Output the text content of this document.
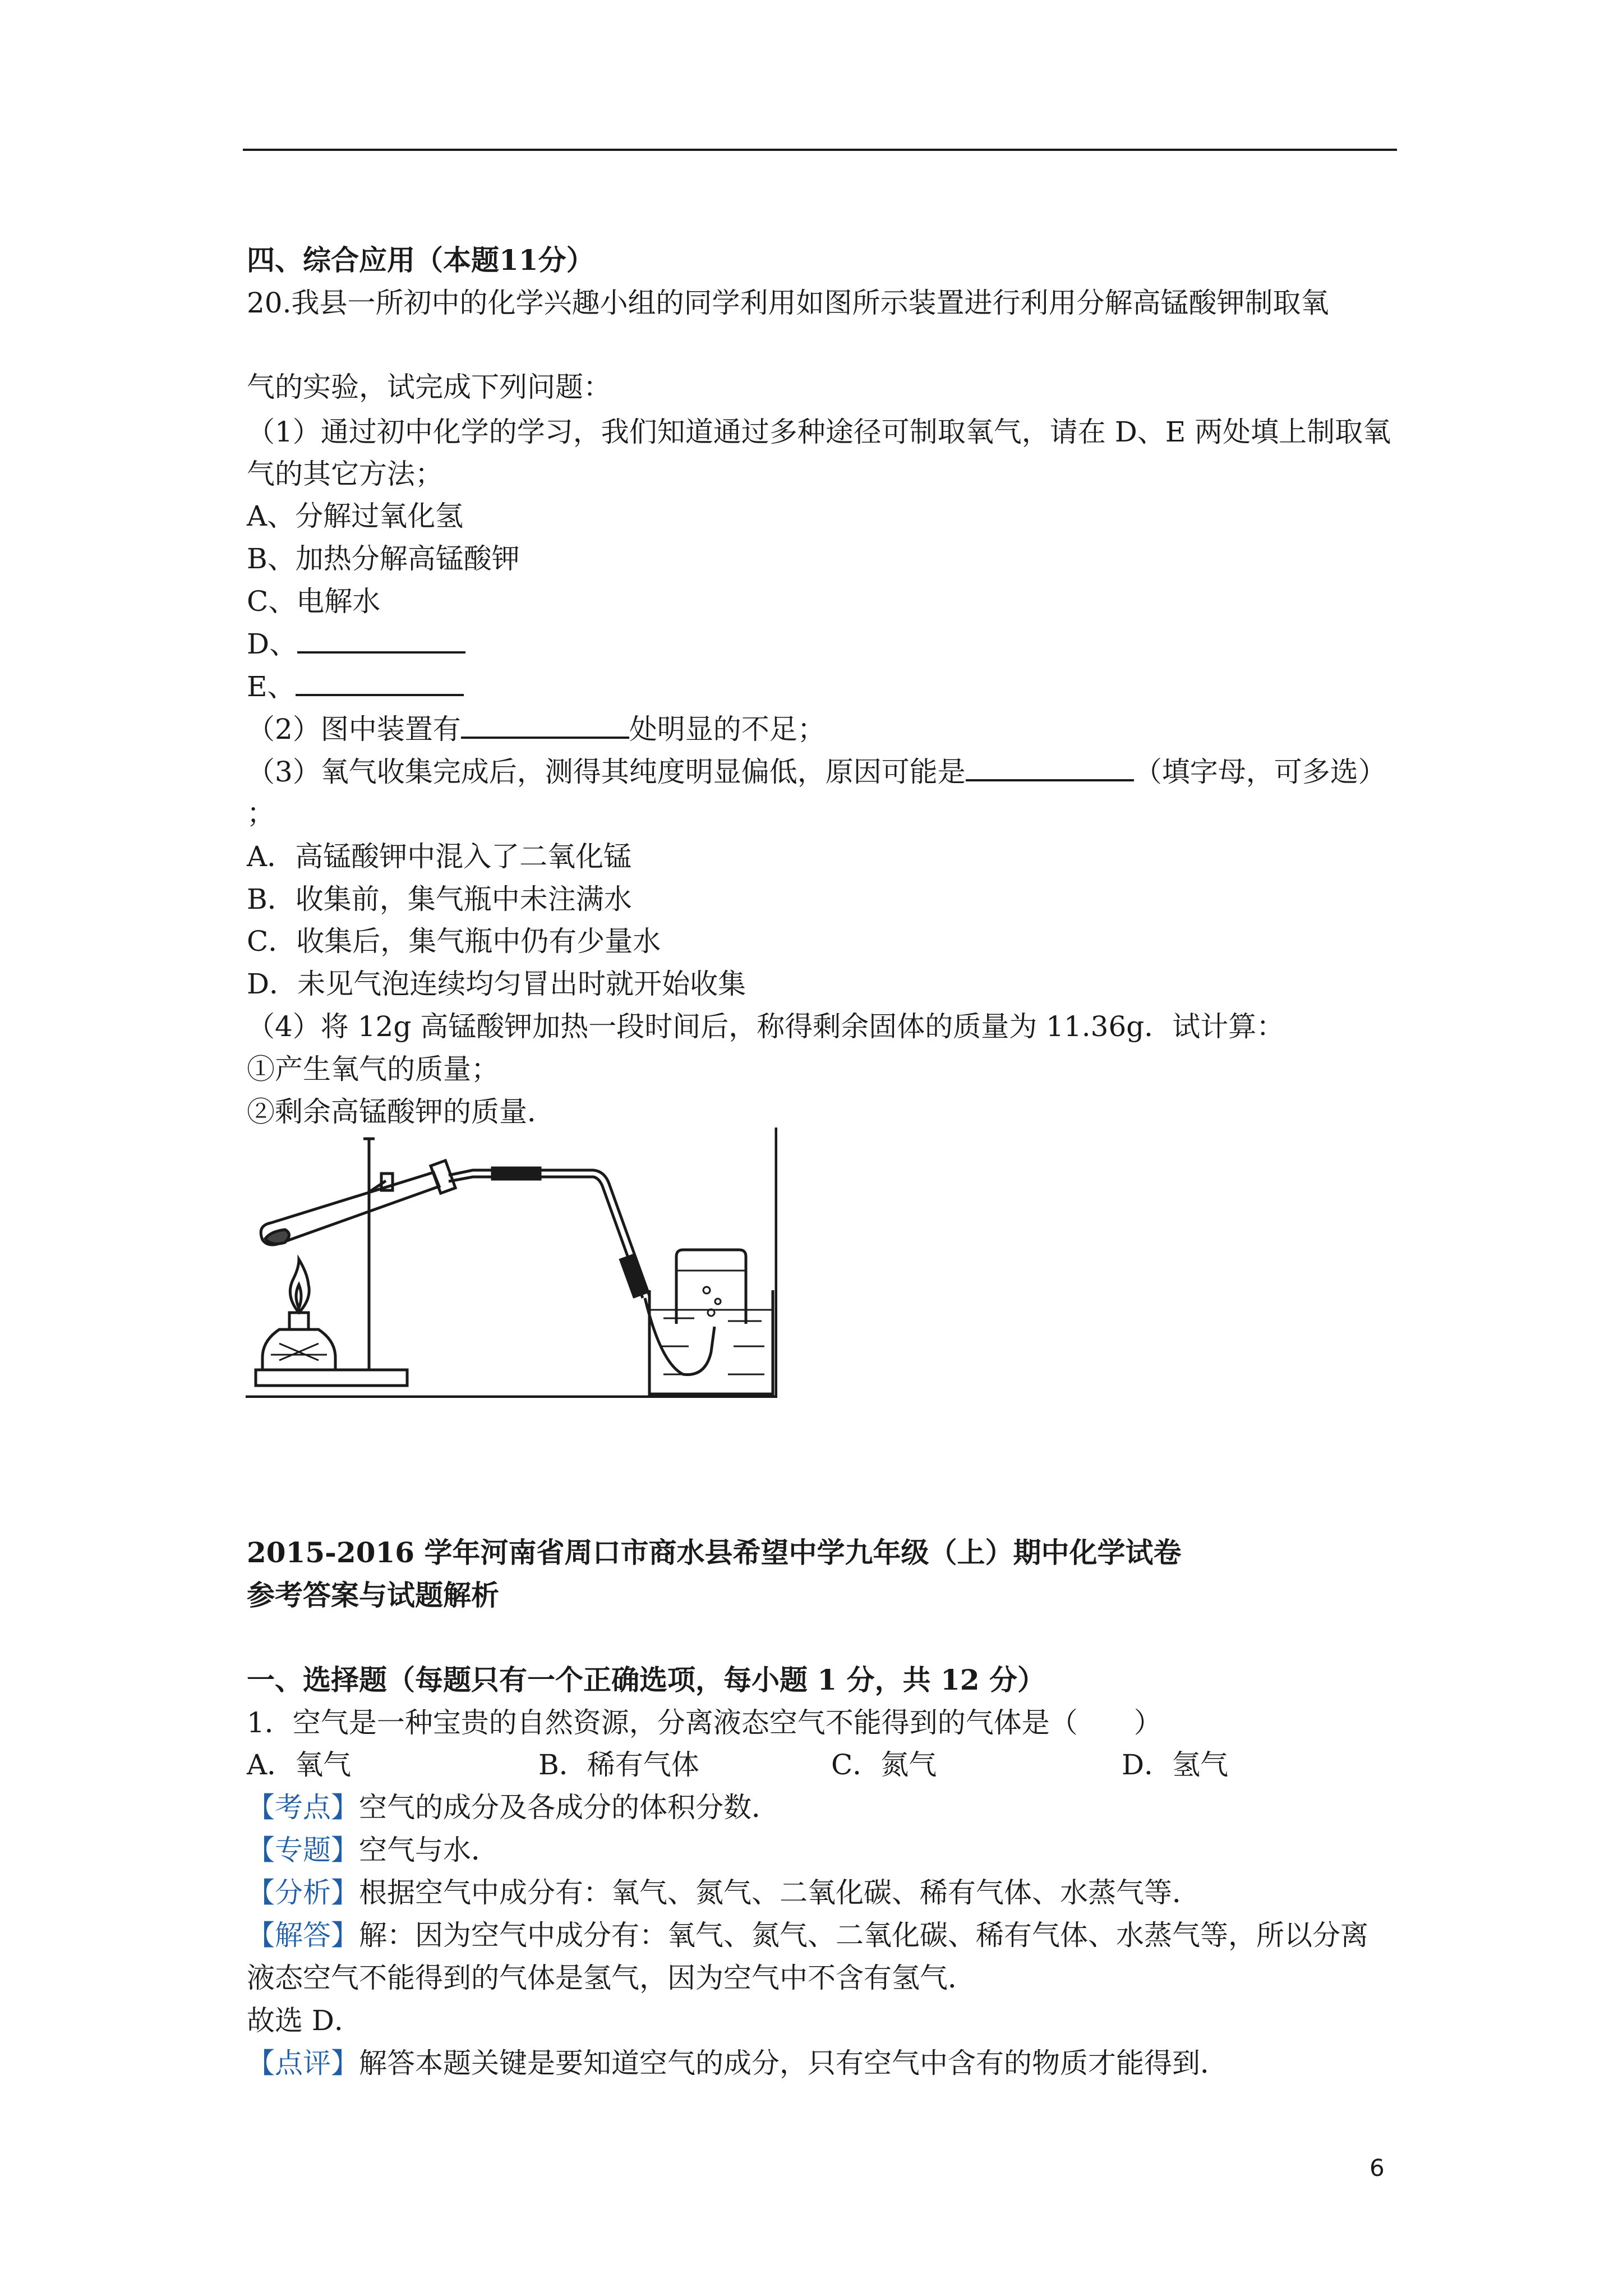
四、综合应用（本题11分）
20.我县一所初中的化学兴趣小组的同学利用如图所示装置进行利用分解高锰酸钾制取氧
气的实验，试完成下列问题：
（1）通过初中化学的学习，我们知道通过多种途径可制取氧气，请在 D、E 两处填上制取氧
气的其它方法；
A、分解过氧化氢
B、加热分解高锰酸钾
C、电解水
D、
E、
（2）图中装置有	处明显的不足；
（3）氧气收集完成后，测得其纯度明显偏低，原因可能是	（填字母，可多选）
；
A．高锰酸钾中混入了二氧化锰
B．收集前，集气瓶中未注满水
C．收集后，集气瓶中仍有少量水
D．未见气泡连续均匀冒出时就开始收集
（4）将 12g 高锰酸钾加热一段时间后，称得剩余固体的质量为 11.36g．试计算：
①产生氧气的质量；
②剩余高锰酸钾的质量．
2015-2016 学年河南省周口市商水县希望中学九年级（上）期中化学试卷
参考答案与试题解析
一、选择题（每题只有一个正确选项，每小题 1 分，共 12 分）
1．空气是一种宝贵的自然资源，分离液态空气不能得到的气体是（　　）
A．氧气	B．稀有气体	C．氮气	D．氢气
【考点】空气的成分及各成分的体积分数．
【专题】空气与水．
【分析】根据空气中成分有：氧气、氮气、二氧化碳、稀有气体、水蒸气等．
【解答】解：因为空气中成分有：氧气、氮气、二氧化碳、稀有气体、水蒸气等，所以分离
液态空气不能得到的气体是氢气，因为空气中不含有氢气．
故选 D．
【点评】解答本题关键是要知道空气的成分，只有空气中含有的物质才能得到．
6
